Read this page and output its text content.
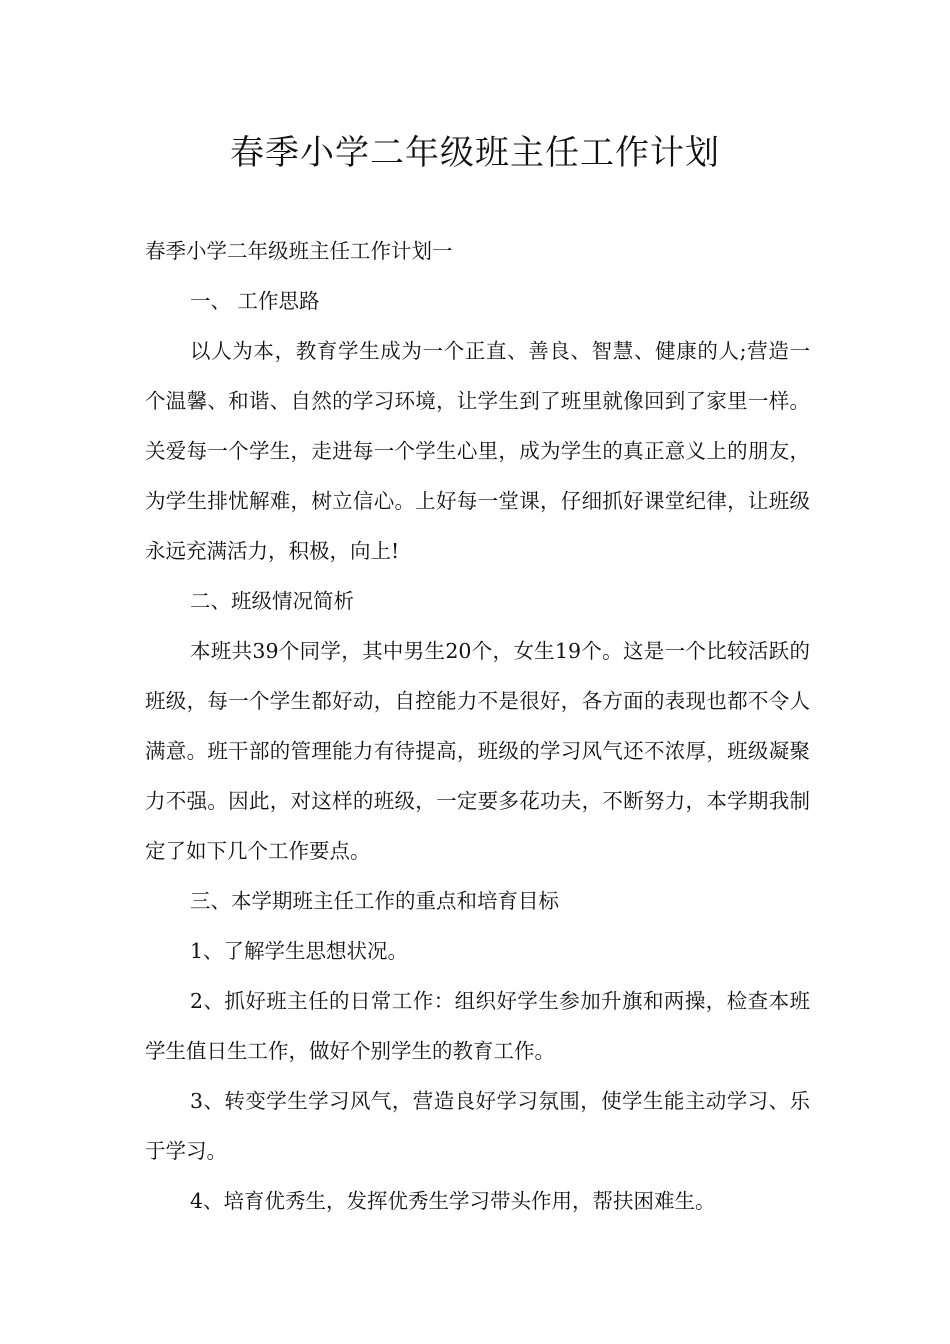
春季小学二年级班主任工作计划

春季小学二年级班主任工作计划一

一、 工作思路

以人为本，教育学生成为一个正直、善良、智慧、健康的人;营造一个温馨、和谐、自然的学习环境，让学生到了班里就像回到了家里一样。关爱每一个学生，走进每一个学生心里，成为学生的真正意义上的朋友，为学生排忧解难，树立信心。上好每一堂课，仔细抓好课堂纪律，让班级永远充满活力，积极，向上!

二、班级情况简析

本班共39个同学，其中男生20个，女生19个。这是一个比较活跃的班级，每一个学生都好动，自控能力不是很好，各方面的表现也都不令人满意。班干部的管理能力有待提高，班级的学习风气还不浓厚，班级凝聚力不强。因此，对这样的班级，一定要多花功夫，不断努力，本学期我制定了如下几个工作要点。

三、本学期班主任工作的重点和培育目标

1、了解学生思想状况。

2、抓好班主任的日常工作：组织好学生参加升旗和两操，检查本班学生值日生工作，做好个别学生的教育工作。

3、转变学生学习风气，营造良好学习氛围，使学生能主动学习、乐于学习。

4、培育优秀生，发挥优秀生学习带头作用，帮扶困难生。
